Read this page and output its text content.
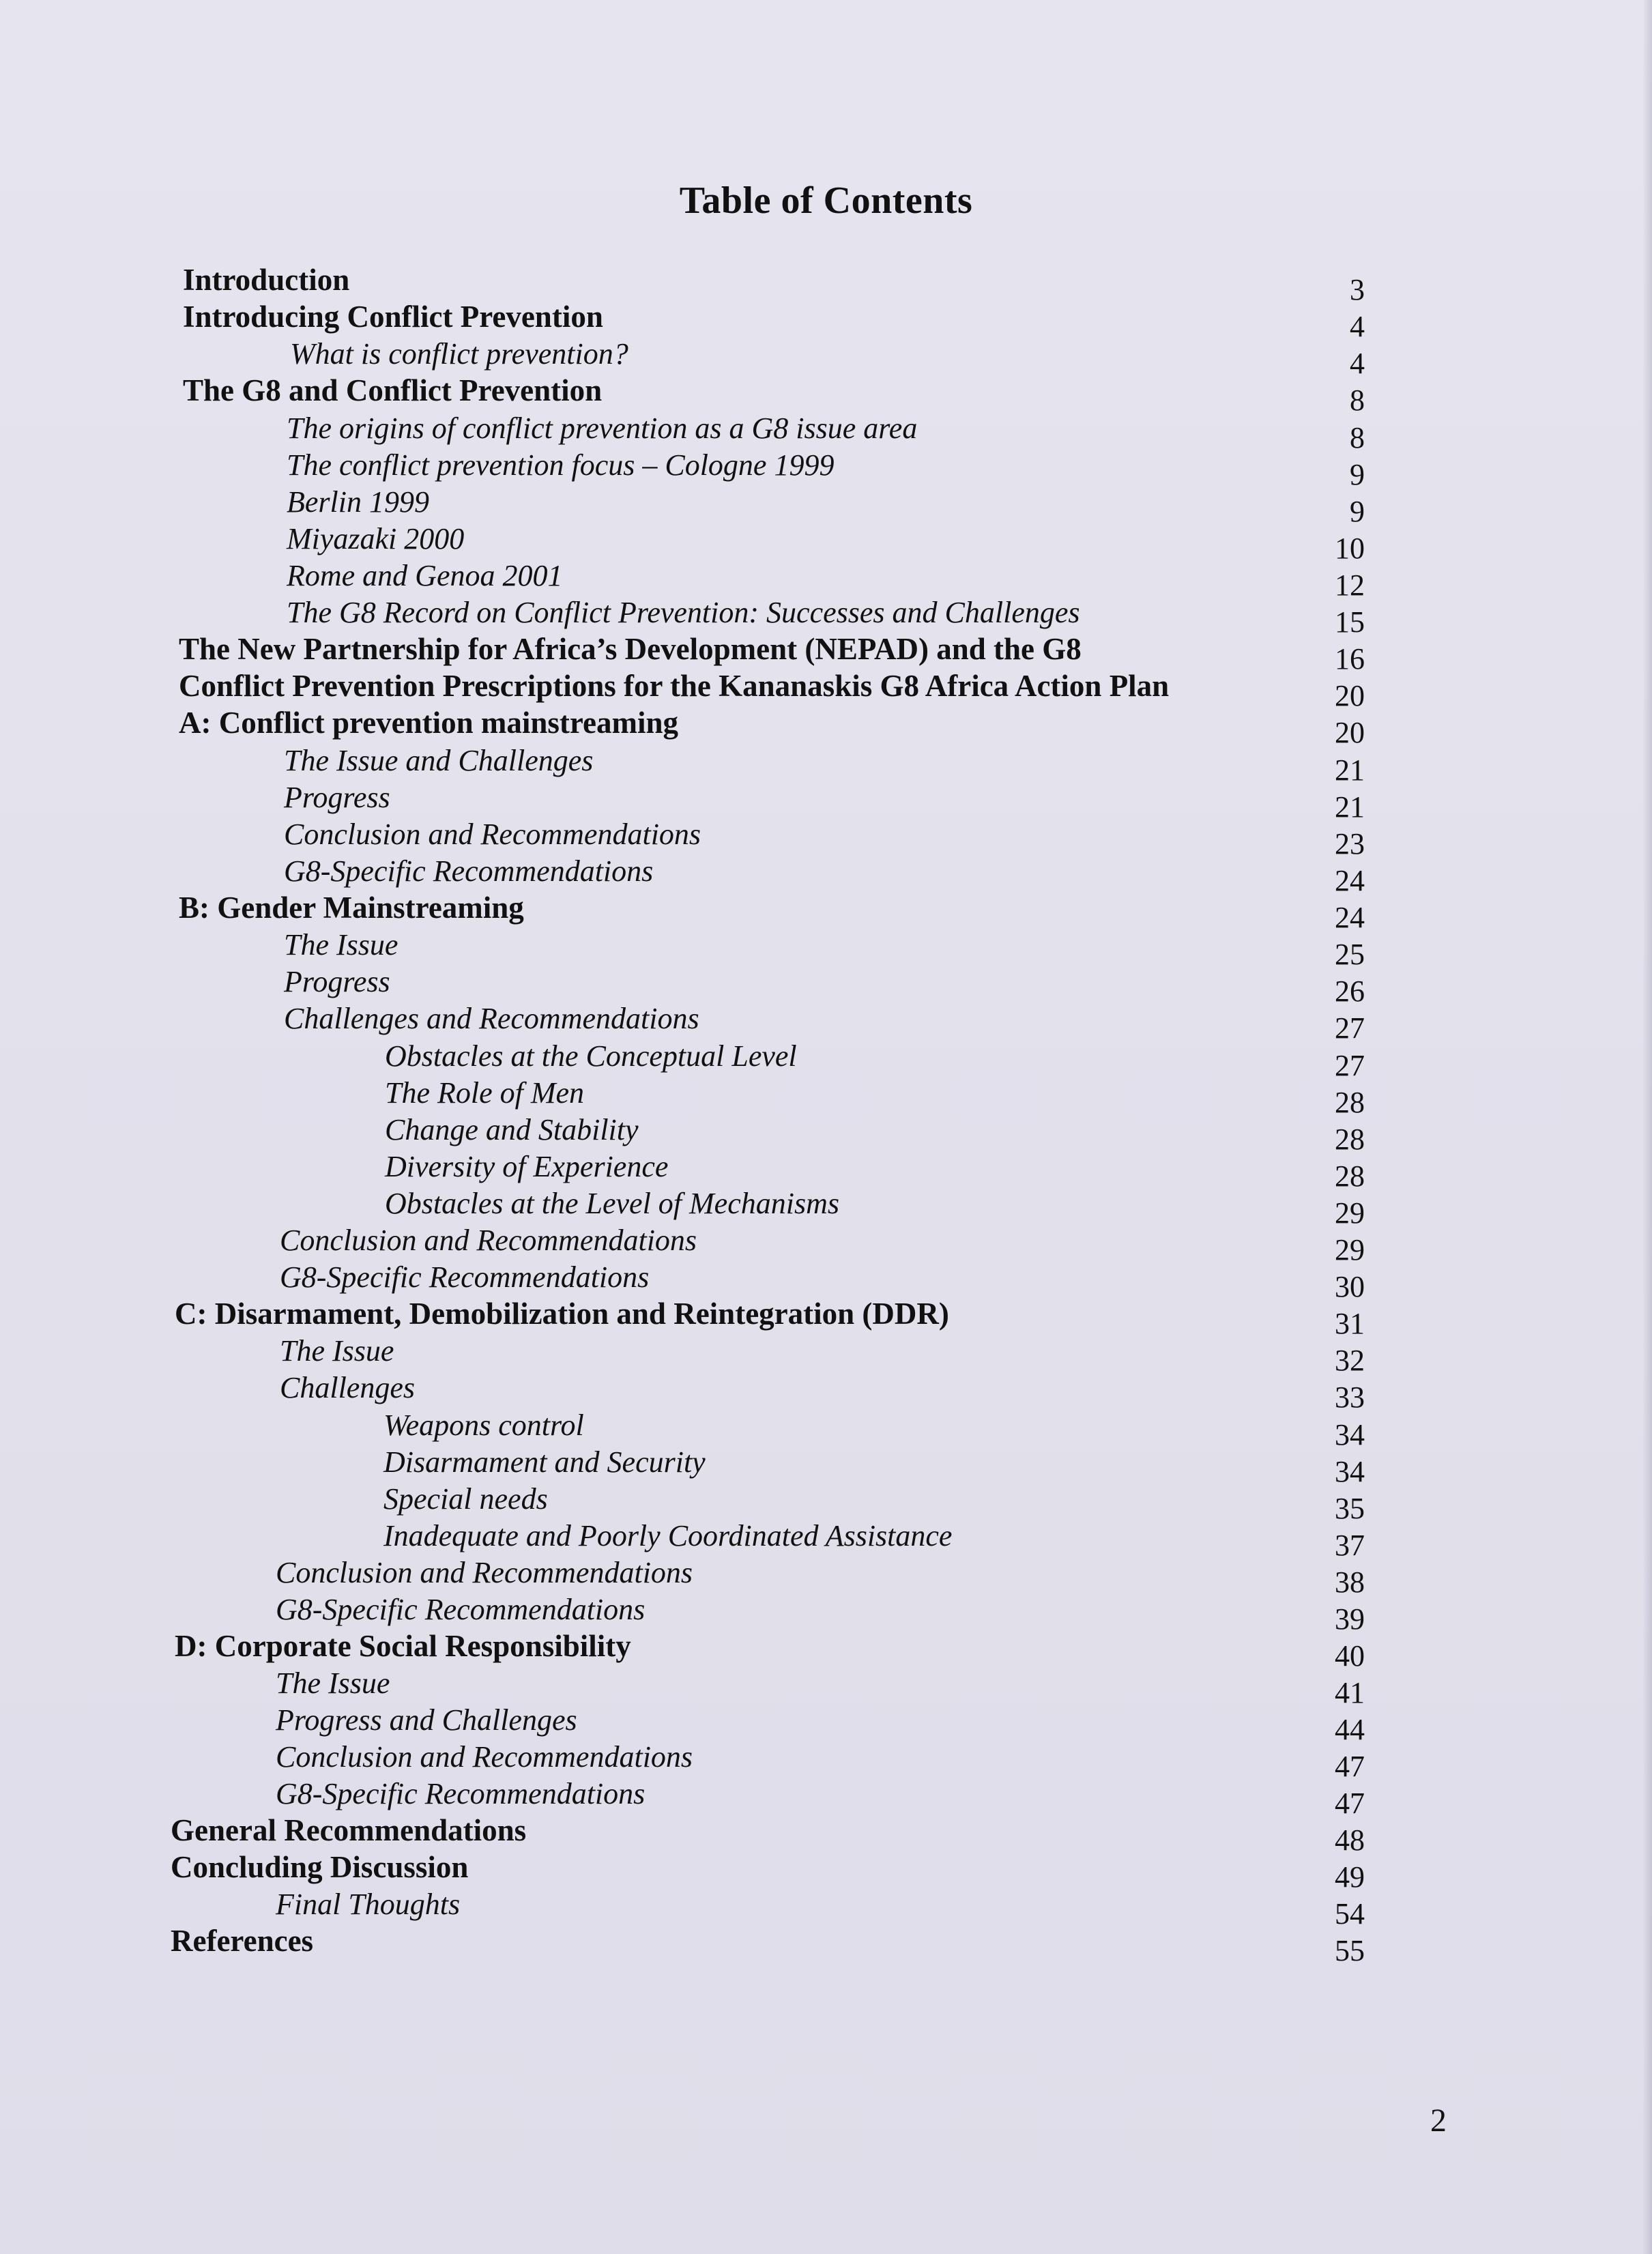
Table of Contents
Introduction	3
Introducing Conflict Prevention	4
What is conflict prevention?	4
The G8 and Conflict Prevention	8
The origins of conflict prevention as a G8 issue area	8
The conflict prevention focus – Cologne 1999	9
Berlin 1999	9
Miyazaki 2000	10
Rome and Genoa 2001	12
The G8 Record on Conflict Prevention: Successes and Challenges	15
The New Partnership for Africa’s Development (NEPAD) and the G8	16
Conflict Prevention Prescriptions for the Kananaskis G8 Africa Action Plan	20
A: Conflict prevention mainstreaming	20
The Issue and Challenges	21
Progress	21
Conclusion and Recommendations	23
G8-Specific Recommendations	24
B: Gender Mainstreaming	24
The Issue	25
Progress	26
Challenges and Recommendations	27
Obstacles at the Conceptual Level	27
The Role of Men	28
Change and Stability	28
Diversity of Experience	28
Obstacles at the Level of Mechanisms	29
Conclusion and Recommendations	29
G8-Specific Recommendations	30
C: Disarmament, Demobilization and Reintegration (DDR)	31
The Issue	32
Challenges	33
Weapons control	34
Disarmament and Security	34
Special needs	35
Inadequate and Poorly Coordinated Assistance	37
Conclusion and Recommendations	38
G8-Specific Recommendations	39
D: Corporate Social Responsibility	40
The Issue	41
Progress and Challenges	44
Conclusion and Recommendations	47
G8-Specific Recommendations	47
General Recommendations	48
Concluding Discussion	49
Final Thoughts	54
References	55
2
